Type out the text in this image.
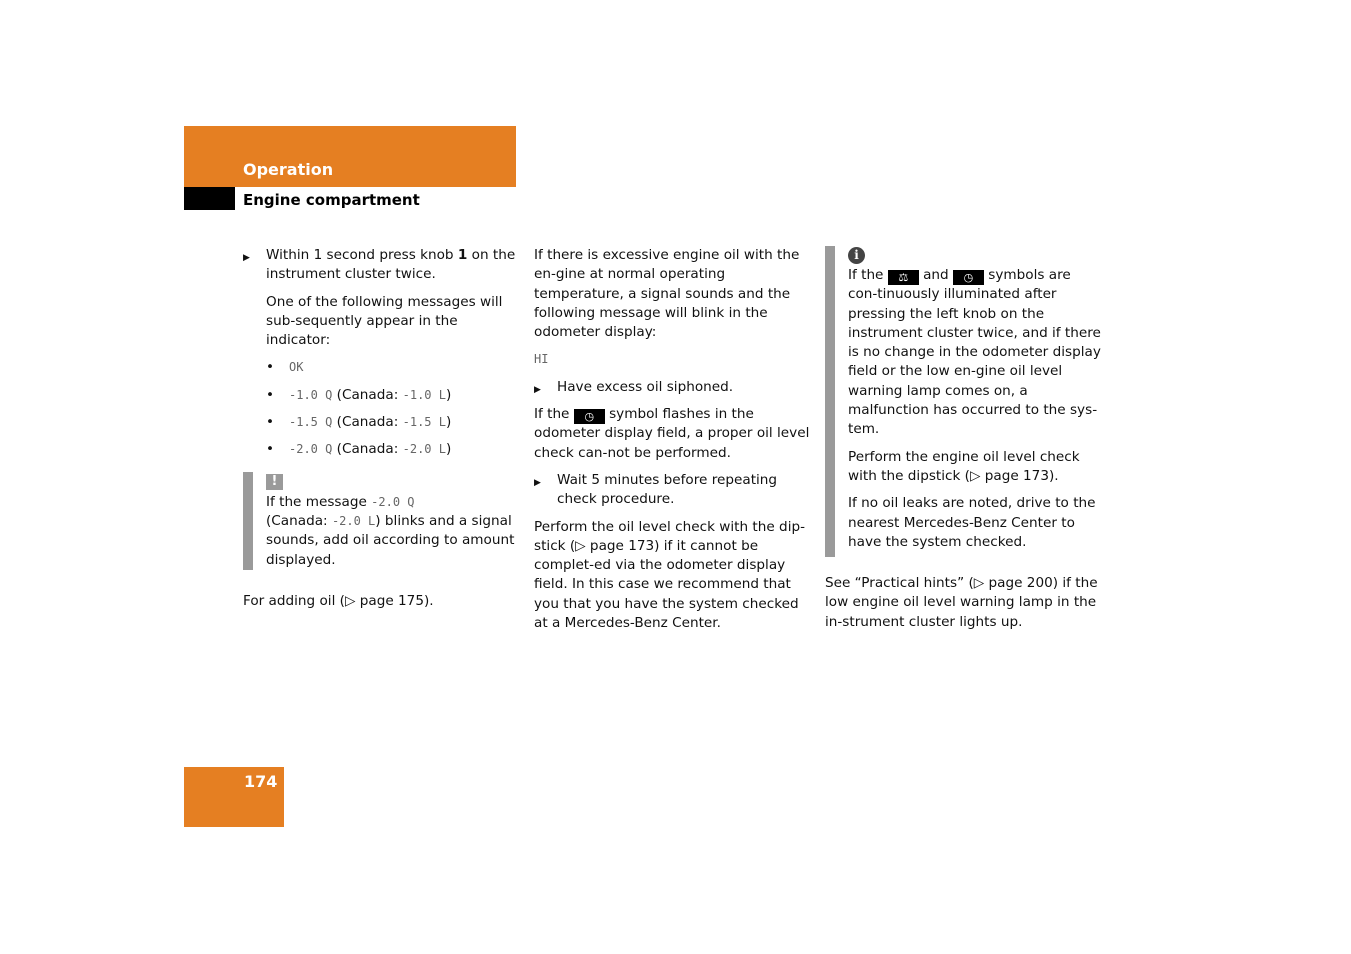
Operation
Engine compartment

▶ Within 1 second press knob 1 on the instrument cluster twice.

One of the following messages will sub-sequently appear in the indicator:

• OK

• -1.0 Q (Canada: -1.0 L)

• -1.5 Q (Canada: -1.5 L)

• -2.0 Q (Canada: -2.0 L)

!

If the message -2.0 Q
(Canada: -2.0 L) blinks and a signal sounds, add oil according to amount displayed.

For adding oil (▷ page 175).

If there is excessive engine oil with the en-gine at normal operating temperature, a signal sounds and the following message will blink in the odometer display:

HI

▶ Have excess oil siphoned.

If the ◷ symbol flashes in the odometer display field, a proper oil level check can-not be performed.

▶ Wait 5 minutes before repeating check procedure.

Perform the oil level check with the dip-stick (▷ page 173) if it cannot be complet-ed via the odometer display field. In this case we recommend that you that you have the system checked at a Mercedes-Benz Center.

i

If the ⚖ and ◷ symbols are con-tinuously illuminated after pressing the left knob on the instrument cluster twice, and if there is no change in the odometer display field or the low en-gine oil level warning lamp comes on, a malfunction has occurred to the sys-tem.

Perform the engine oil level check with the dipstick (▷ page 173).

If no oil leaks are noted, drive to the nearest Mercedes-Benz Center to have the system checked.

See “Practical hints” (▷ page 200) if the low engine oil level warning lamp in the in-strument cluster lights up.

174
